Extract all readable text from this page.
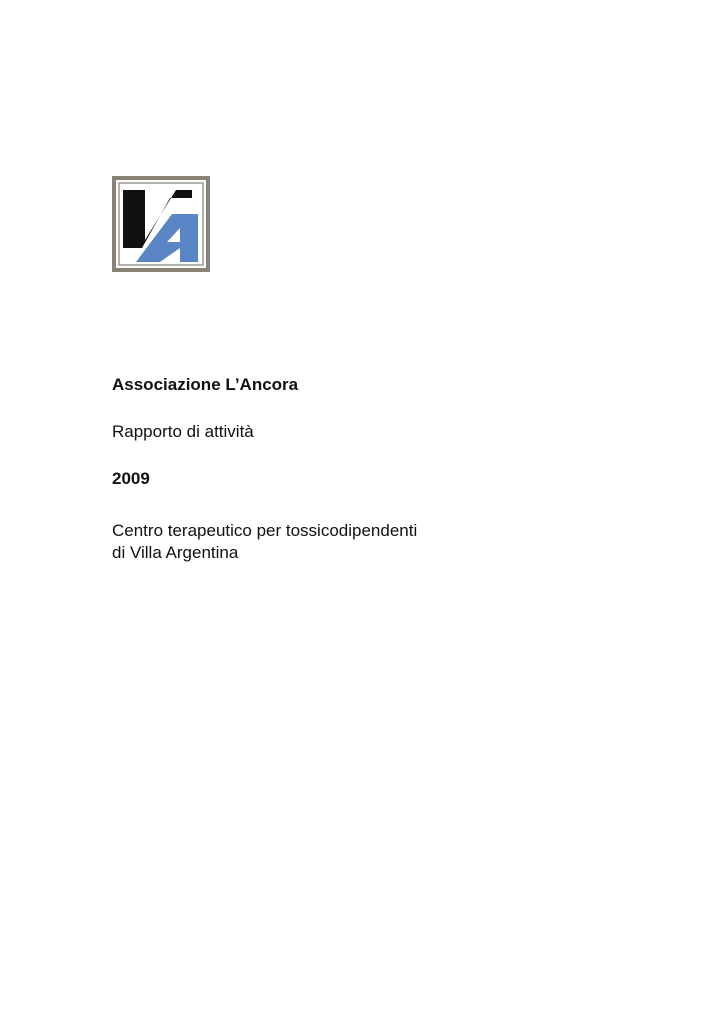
Associazione L’Ancora

Rapporto di attività

2009

Centro terapeutico per tossicodipendenti

di Villa Argentina
